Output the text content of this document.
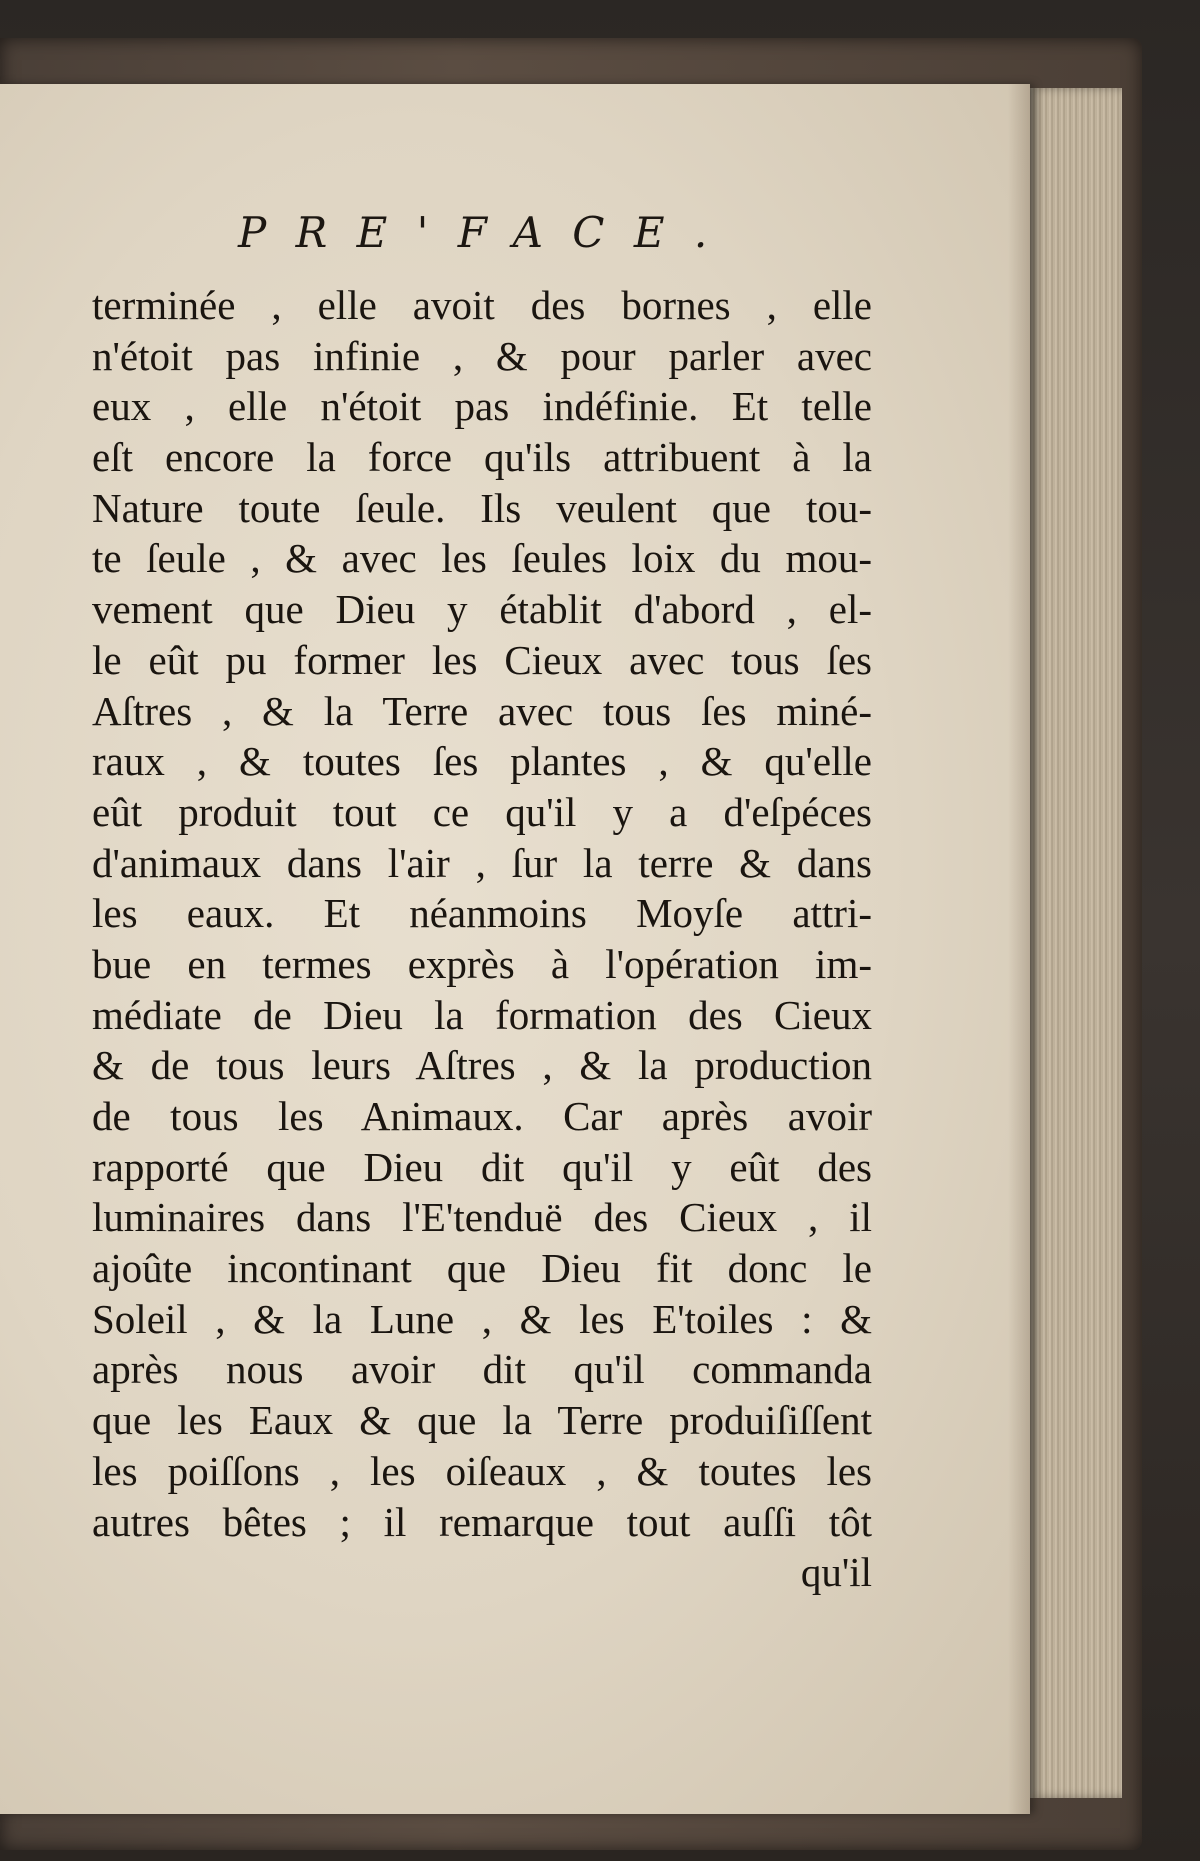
PRE'FACE.
terminée , elle avoit des bornes , elle
n'étoit pas infinie , & pour parler avec
eux , elle n'étoit pas indéfinie. Et telle
eſt encore la force qu'ils attribuent à la
Nature toute ſeule. Ils veulent que tou-
te ſeule , & avec les ſeules loix du mou-
vement que Dieu y établit d'abord , el-
le eût pu former les Cieux avec tous ſes
Aſtres , & la Terre avec tous ſes miné-
raux , & toutes ſes plantes , & qu'elle
eût produit tout ce qu'il y a d'eſpéces
d'animaux dans l'air , ſur la terre & dans
les eaux. Et néanmoins Moyſe attri-
bue en termes exprès à l'opération im-
médiate de Dieu la formation des Cieux
& de tous leurs Aſtres , & la production
de tous les Animaux. Car après avoir
rapporté que Dieu dit qu'il y eût des
luminaires dans l'E'tenduë des Cieux , il
ajoûte incontinant que Dieu fit donc le
Soleil , & la Lune , & les E'toiles : &
après nous avoir dit qu'il commanda
que les Eaux & que la Terre produiſiſſent
les poiſſons , les oiſeaux , & toutes les
autres bêtes ; il remarque tout auſſi tôt
qu'il
